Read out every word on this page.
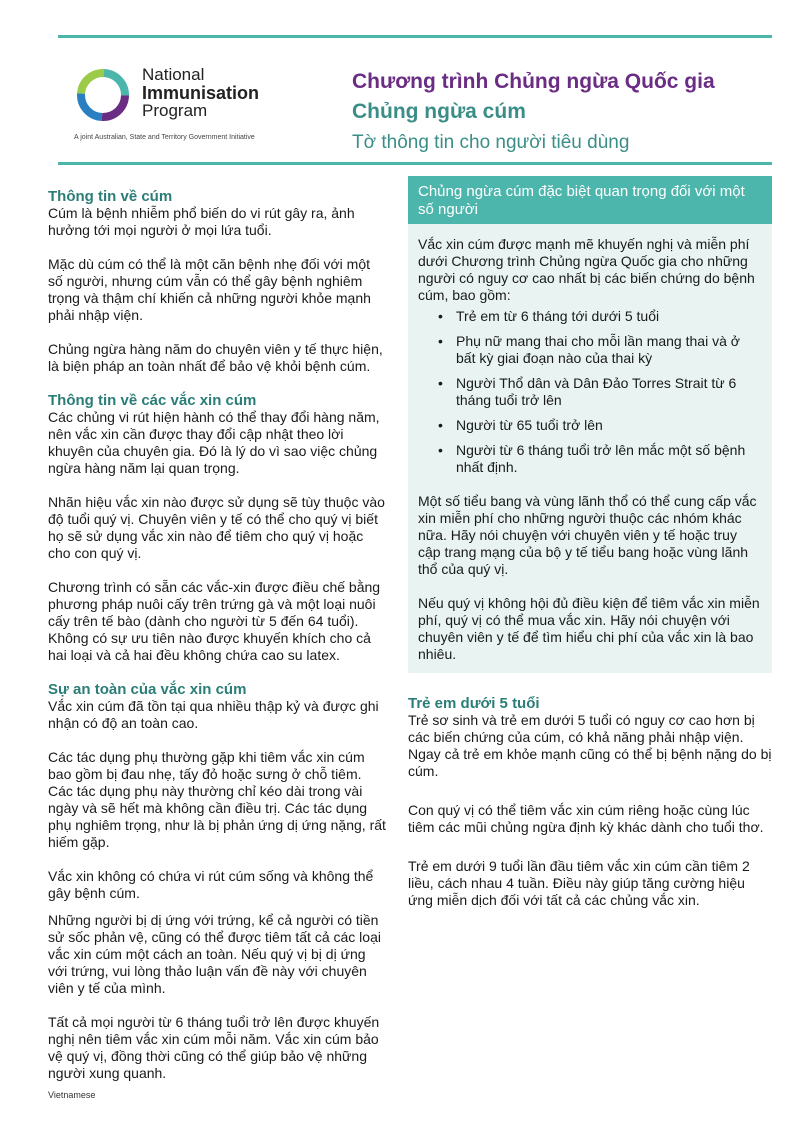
National
Immunisation
Program
A joint Australian, State and Territory Government Initiative
Chương trình Chủng ngừa Quốc gia
Chủng ngừa cúm
Tờ thông tin cho người tiêu dùng
Thông tin về cúm

Cúm là bệnh nhiễm phổ biến do vi rút gây ra, ảnh hưởng tới mọi người ở mọi lứa tuổi.

Mặc dù cúm có thể là một căn bệnh nhẹ đối với một số người, nhưng cúm vẫn có thể gây bệnh nghiêm trọng và thậm chí khiến cả những người khỏe mạnh phải nhập viện.

Chủng ngừa hàng năm do chuyên viên y tế thực hiện, là biện pháp an toàn nhất để bảo vệ khỏi bệnh cúm.

Thông tin về các vắc xin cúm

Các chủng vi rút hiện hành có thể thay đổi hàng năm, nên vắc xin cần được thay đổi cập nhật theo lời khuyên của chuyên gia. Đó là lý do vì sao việc chủng ngừa hàng năm lại quan trọng.

Nhãn hiệu vắc xin nào được sử dụng sẽ tùy thuộc vào độ tuổi quý vị. Chuyên viên y tế có thể cho quý vị biết họ sẽ sử dụng vắc xin nào để tiêm cho quý vị hoặc cho con quý vị.

Chương trình có sẵn các vắc-xin được điều chế bằng phương pháp nuôi cấy trên trứng gà và một loại nuôi cấy trên tế bào (dành cho người từ 5 đến 64 tuổi). Không có sự ưu tiên nào được khuyến khích cho cả hai loại và cả hai đều không chứa cao su latex.

Sự an toàn của vắc xin cúm

Vắc xin cúm đã tồn tại qua nhiều thập kỷ và được ghi nhận có độ an toàn cao.

Các tác dụng phụ thường gặp khi tiêm vắc xin cúm bao gồm bị đau nhẹ, tấy đỏ hoặc sưng ở chỗ tiêm. Các tác dụng phụ này thường chỉ kéo dài trong vài ngày và sẽ hết mà không cần điều trị. Các tác dụng phụ nghiêm trọng, như là bị phản ứng dị ứng nặng, rất hiếm gặp.

Vắc xin không có chứa vi rút cúm sống và không thể gây bệnh cúm.

Những người bị dị ứng với trứng, kể cả người có tiền sử sốc phản vệ, cũng có thể được tiêm tất cả các loại vắc xin cúm một cách an toàn. Nếu quý vị bị dị ứng với trứng, vui lòng thảo luận vấn đề này với chuyên viên y tế của mình.

Tất cả mọi người từ 6 tháng tuổi trở lên được khuyến nghị nên tiêm vắc xin cúm mỗi năm. Vắc xin cúm bảo vệ quý vị, đồng thời cũng có thể giúp bảo vệ những người xung quanh.

Chủng ngừa cúm đặc biệt quan trọng đối với một số người

Vắc xin cúm được mạnh mẽ khuyến nghị và miễn phí dưới Chương trình Chủng ngừa Quốc gia cho những người có nguy cơ cao nhất bị các biến chứng do bệnh cúm, bao gồm:

• Trẻ em từ 6 tháng tới dưới 5 tuổi
• Phụ nữ mang thai cho mỗi lần mang thai và ở bất kỳ giai đoạn nào của thai kỳ
• Người Thổ dân và Dân Đảo Torres Strait từ 6 tháng tuổi trở lên
• Người từ 65 tuổi trở lên
• Người từ 6 tháng tuổi trở lên mắc một số bệnh nhất định.

Một số tiểu bang và vùng lãnh thổ có thể cung cấp vắc xin miễn phí cho những người thuộc các nhóm khác nữa. Hãy nói chuyện với chuyên viên y tế hoặc truy cập trang mạng của bộ y tế tiểu bang hoặc vùng lãnh thổ của quý vị.

Nếu quý vị không hội đủ điều kiện để tiêm vắc xin miễn phí, quý vị có thể mua vắc xin. Hãy nói chuyện với chuyên viên y tế để tìm hiểu chi phí của vắc xin là bao nhiêu.

Trẻ em dưới 5 tuổi

Trẻ sơ sinh và trẻ em dưới 5 tuổi có nguy cơ cao hơn bị các biến chứng của cúm, có khả năng phải nhập viện. Ngay cả trẻ em khỏe mạnh cũng có thể bị bệnh nặng do bị cúm.

Con quý vị có thể tiêm vắc xin cúm riêng hoặc cùng lúc tiêm các mũi chủng ngừa định kỳ khác dành cho tuổi thơ.

Trẻ em dưới 9 tuổi lần đầu tiêm vắc xin cúm cần tiêm 2 liều, cách nhau 4 tuần. Điều này giúp tăng cường hiệu ứng miễn dịch đối với tất cả các chủng vắc xin.

Vietnamese
